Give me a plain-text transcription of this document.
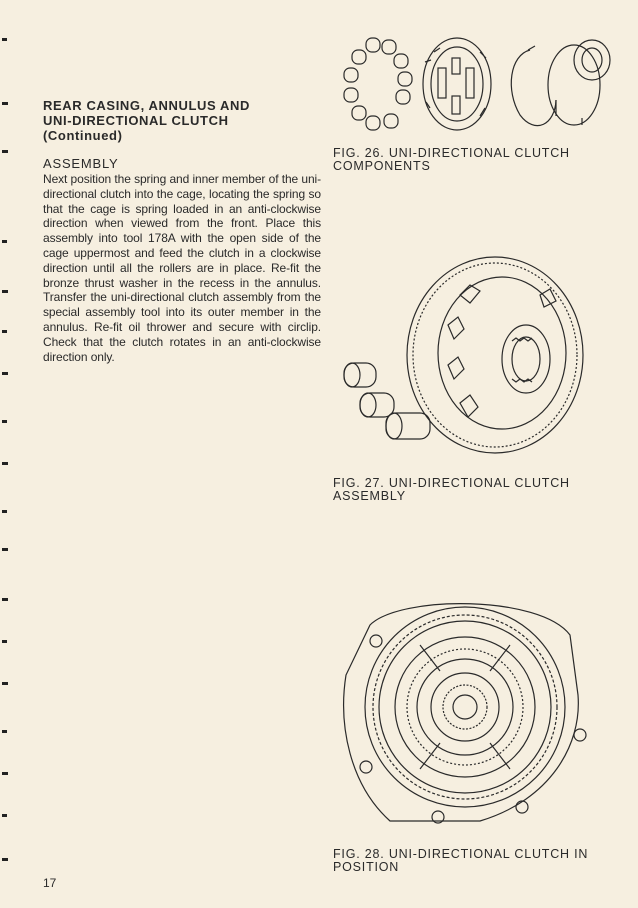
REAR CASING, ANNULUS AND UNI-DIRECTIONAL CLUTCH (Continued)
ASSEMBLY
Next position the spring and inner member of the uni-directional clutch into the cage, locating the spring so that the cage is spring loaded in an anti-clockwise direction when viewed from the front. Place this assembly into tool 178A with the open side of the cage uppermost and feed the clutch in a clockwise direction until all the rollers are in place. Re-fit the bronze thrust washer in the recess in the annulus. Transfer the uni-directional clutch assembly from the special assembly tool into its outer member in the annulus. Re-fit oil thrower and secure with circlip. Check that the clutch rotates in an anti-clockwise direction only.
FIG. 26. UNI-DIRECTIONAL CLUTCH COMPONENTS
FIG. 27. UNI-DIRECTIONAL CLUTCH ASSEMBLY
FIG. 28. UNI-DIRECTIONAL CLUTCH IN POSITION
17
